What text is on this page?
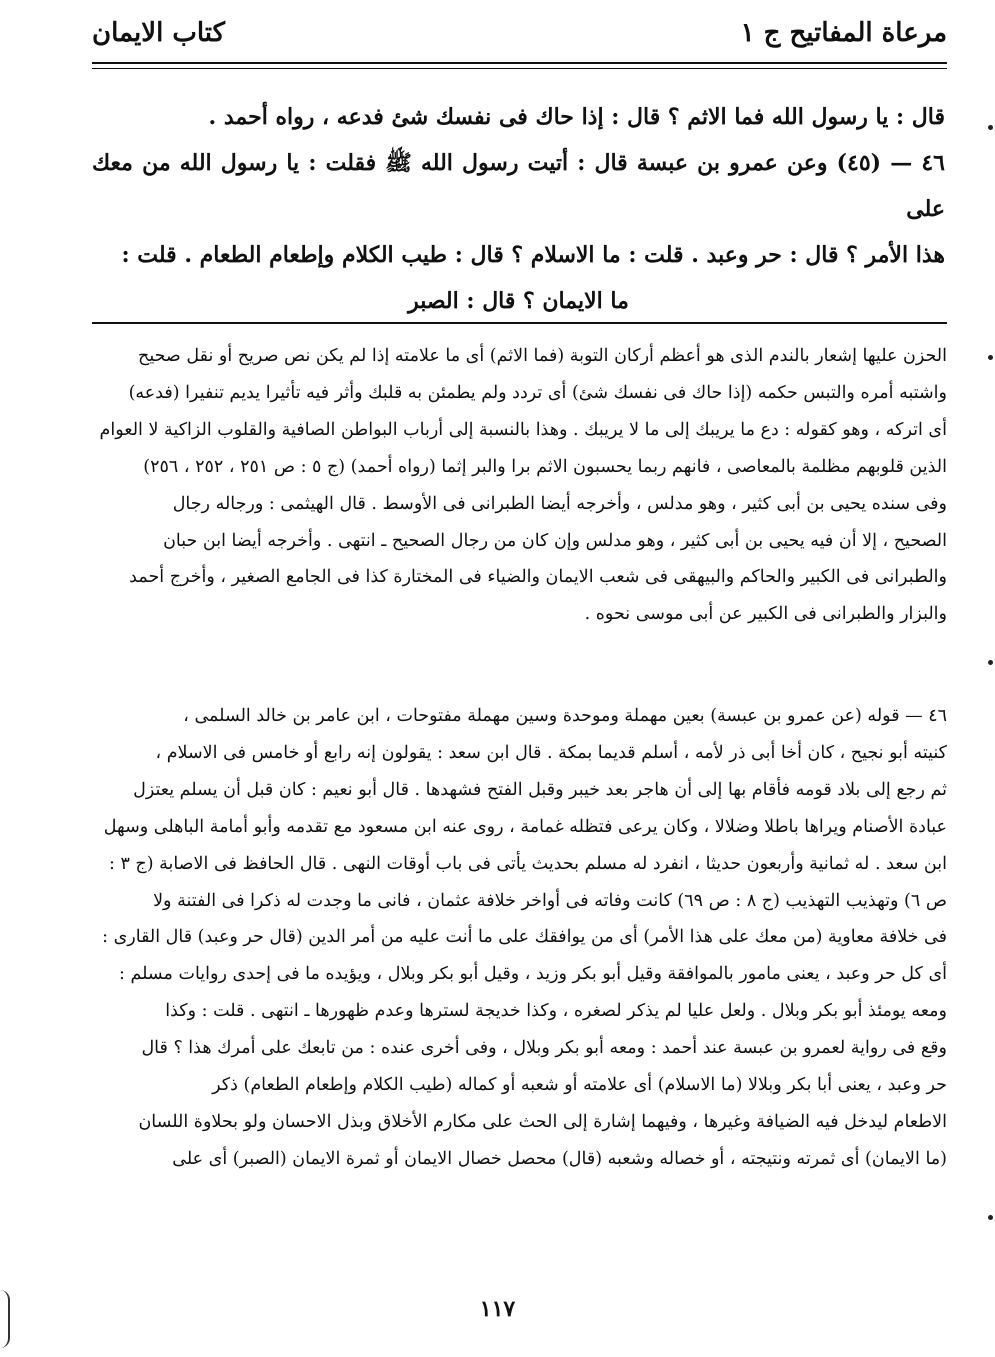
مرعاة المفاتيح ج ١
كتاب الايمان

قال : يا رسول الله فما الاثم ؟ قال : إذا حاك فى نفسك شئ فدعه ، رواه أحمد .

٤٦ — (٤٥) وعن عمرو بن عبسة قال : أتيت رسول الله ﷺ فقلت : يا رسول الله من معك على

هذا الأمر ؟ قال : حر وعبد . قلت : ما الاسلام ؟ قال : طيب الكلام وإطعام الطعام . قلت :

ما الايمان ؟ قال : الصبر

الحزن عليها إشعار بالندم الذى هو أعظم أركان التوبة (فما الاثم) أى ما علامته إذا لم يكن نص صريح أو نقل صحيح

واشتبه أمره والتبس حكمه (إذا حاك فى نفسك شئ) أى تردد ولم يطمئن به قلبك وأثر فيه تأثيرا يديم تنفيرا (فدعه)

أى اتركه ، وهو كقوله : دع ما يريبك إلى ما لا يريبك . وهذا بالنسبة إلى أرباب البواطن الصافية والقلوب الزاكية لا العوام

الذين قلوبهم مظلمة بالمعاصى ، فانهم ربما يحسبون الاثم برا والبر إثما (رواه أحمد) (ج ٥ : ص ٢٥١ ، ٢٥٢ ، ٢٥٦)

وفى سنده يحيى بن أبى كثير ، وهو مدلس ، وأخرجه أيضا الطبرانى فى الأوسط . قال الهيثمى : ورجاله رجال

الصحيح ، إلا أن فيه يحيى بن أبى كثير ، وهو مدلس وإن كان من رجال الصحيح ـ انتهى . وأخرجه أيضا ابن حبان

والطبرانى فى الكبير والحاكم والبيهقى فى شعب الايمان والضياء فى المختارة كذا فى الجامع الصغير ، وأخرج أحمد

والبزار والطبرانى فى الكبير عن أبى موسى نحوه .

٤٦ — قوله (عن عمرو بن عبسة) بعين مهملة وموحدة وسين مهملة مفتوحات ، ابن عامر بن خالد السلمى ،

كنيته أبو نجيح ، كان أخا أبى ذر لأمه ، أسلم قديما بمكة . قال ابن سعد : يقولون إنه رابع أو خامس فى الاسلام ،

ثم رجع إلى بلاد قومه فأقام بها إلى أن هاجر بعد خيبر وقبل الفتح فشهدها . قال أبو نعيم : كان قبل أن يسلم يعتزل

عبادة الأصنام ويراها باطلا وضلالا ، وكان يرعى فتظله غمامة ، روى عنه ابن مسعود مع تقدمه وأبو أمامة الباهلى وسهل

ابن سعد . له ثمانية وأربعون حديثا ، انفرد له مسلم بحديث يأتى فى باب أوقات النهى . قال الحافظ فى الاصابة (ج ٣ :

ص ٦) وتهذيب التهذيب (ج ٨ : ص ٦٩) كانت وفاته فى أواخر خلافة عثمان ، فانى ما وجدت له ذكرا فى الفتنة ولا

فى خلافة معاوية (من معك على هذا الأمر) أى من يوافقك على ما أنت عليه من أمر الدين (قال حر وعبد) قال القارى :

أى كل حر وعبد ، يعنى مامور بالموافقة وقيل أبو بكر وزيد ، وقيل أبو بكر وبلال ، ويؤيده ما فى إحدى روايات مسلم :

ومعه يومئذ أبو بكر وبلال . ولعل عليا لم يذكر لصغره ، وكذا خديجة لسترها وعدم ظهورها ـ انتهى . قلت : وكذا

وقع فى رواية لعمرو بن عبسة عند أحمد : ومعه أبو بكر وبلال ، وفى أخرى عنده : من تابعك على أمرك هذا ؟ قال

حر وعبد ، يعنى أبا بكر وبلالا (ما الاسلام) أى علامته أو شعبه أو كماله (طيب الكلام وإطعام الطعام) ذكر

الاطعام ليدخل فيه الضيافة وغيرها ، وفيهما إشارة إلى الحث على مكارم الأخلاق وبذل الاحسان ولو بحلاوة اللسان

(ما الايمان) أى ثمرته ونتيجته ، أو خصاله وشعبه (قال) محصل خصال الايمان أو ثمرة الايمان (الصبر) أى على

١١٧
